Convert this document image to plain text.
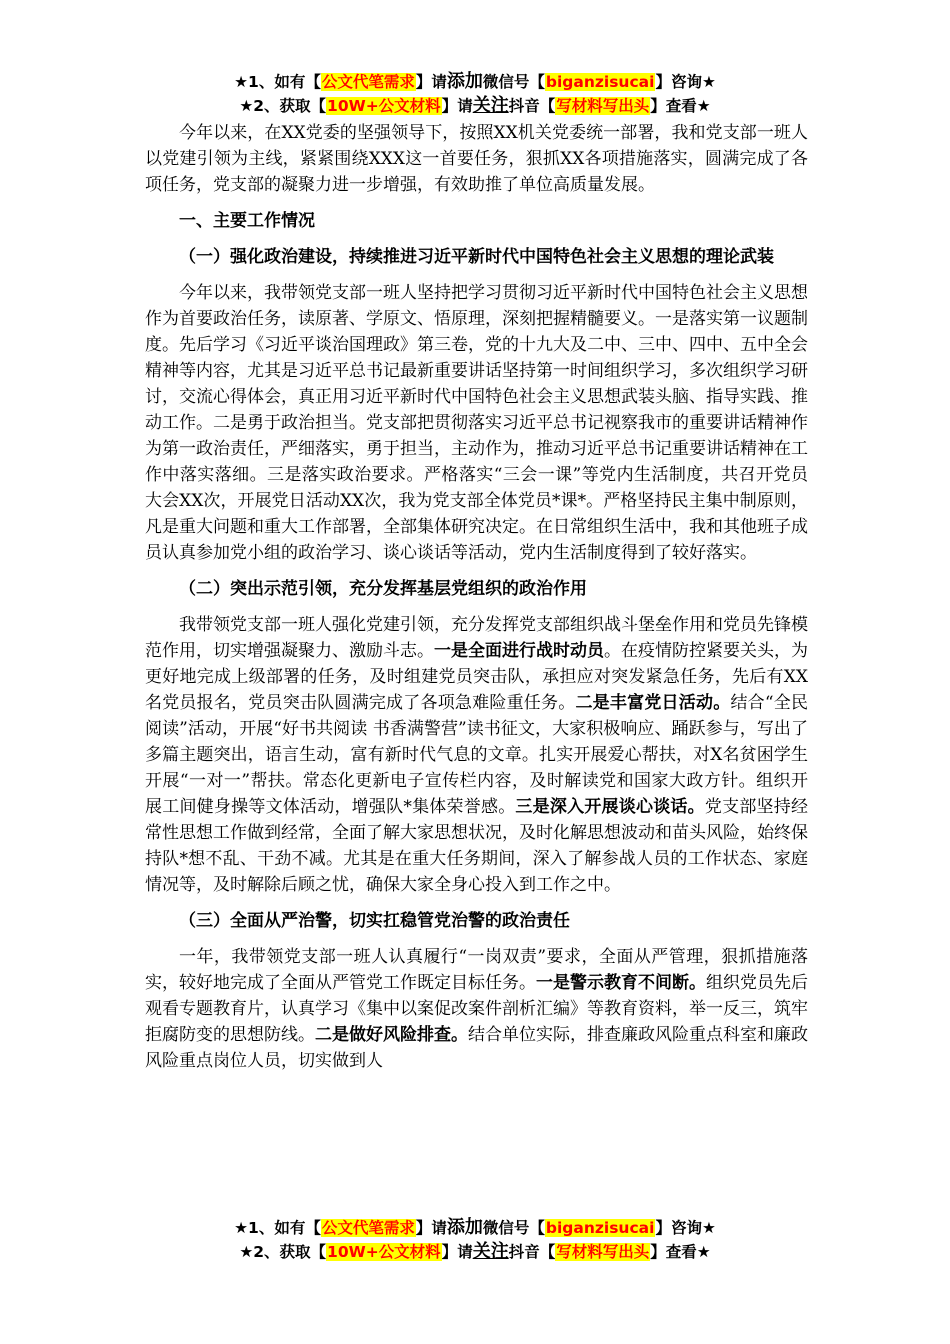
★1、如有【公文代笔需求】请添加微信号【biganzisucai】咨询★
★2、获取【10W+公文材料】请关注抖音【写材料写出头】查看★

今年以来，在XX党委的坚强领导下，按照XX机关党委统一部署，我和党支部一班人以党建引领为主线，紧紧围绕XXX这一首要任务，狠抓XX各项措施落实，圆满完成了各项任务，党支部的凝聚力进一步增强，有效助推了单位高质量发展。

一、主要工作情况
（一）强化政治建设，持续推进习近平新时代中国特色社会主义思想的理论武装

今年以来，我带领党支部一班人坚持把学习贯彻习近平新时代中国特色社会主义思想作为首要政治任务，读原著、学原文、悟原理，深刻把握精髓要义。一是落实第一议题制度。先后学习《习近平谈治国理政》第三卷，党的十九大及二中、三中、四中、五中全会精神等内容，尤其是习近平总书记最新重要讲话坚持第一时间组织学习，多次组织学习研讨，交流心得体会，真正用习近平新时代中国特色社会主义思想武装头脑、指导实践、推动工作。二是勇于政治担当。党支部把贯彻落实习近平总书记视察我市的重要讲话精神作为第一政治责任，严细落实，勇于担当，主动作为，推动习近平总书记重要讲话精神在工作中落实落细。三是落实政治要求。严格落实“三会一课”等党内生活制度，共召开党员大会XX次，开展党日活动XX次，我为党支部全体党员*课*。严格坚持民主集中制原则，凡是重大问题和重大工作部署，全部集体研究决定。在日常组织生活中，我和其他班子成员认真参加党小组的政治学习、谈心谈话等活动，党内生活制度得到了较好落实。

（二）突出示范引领，充分发挥基层党组织的政治作用

我带领党支部一班人强化党建引领，充分发挥党支部组织战斗堡垒作用和党员先锋模范作用，切实增强凝聚力、激励斗志。一是全面进行战时动员。在疫情防控紧要关头，为更好地完成上级部署的任务，及时组建党员突击队，承担应对突发紧急任务，先后有XX名党员报名，党员突击队圆满完成了各项急难险重任务。二是丰富党日活动。结合“全民阅读”活动，开展“好书共阅读 书香满警营”读书征文，大家积极响应、踊跃参与，写出了多篇主题突出，语言生动，富有新时代气息的文章。扎实开展爱心帮扶，对X名贫困学生开展“一对一”帮扶。常态化更新电子宣传栏内容，及时解读党和国家大政方针。组织开展工间健身操等文体活动，增强队*集体荣誉感。三是深入开展谈心谈话。党支部坚持经常性思想工作做到经常，全面了解大家思想状况，及时化解思想波动和苗头风险，始终保持队*想不乱、干劲不减。尤其是在重大任务期间，深入了解参战人员的工作状态、家庭情况等，及时解除后顾之忧，确保大家全身心投入到工作之中。

（三）全面从严治警，切实扛稳管党治警的政治责任

一年，我带领党支部一班人认真履行“一岗双责”要求，全面从严管理，狠抓措施落实，较好地完成了全面从严管党工作既定目标任务。一是警示教育不间断。组织党员先后观看专题教育片，认真学习《集中以案促改案件剖析汇编》等教育资料，举一反三，筑牢拒腐防变的思想防线。二是做好风险排查。结合单位实际，排查廉政风险重点科室和廉政风险重点岗位人员，切实做到人

★1、如有【公文代笔需求】请添加微信号【biganzisucai】咨询★
★2、获取【10W+公文材料】请关注抖音【写材料写出头】查看★
